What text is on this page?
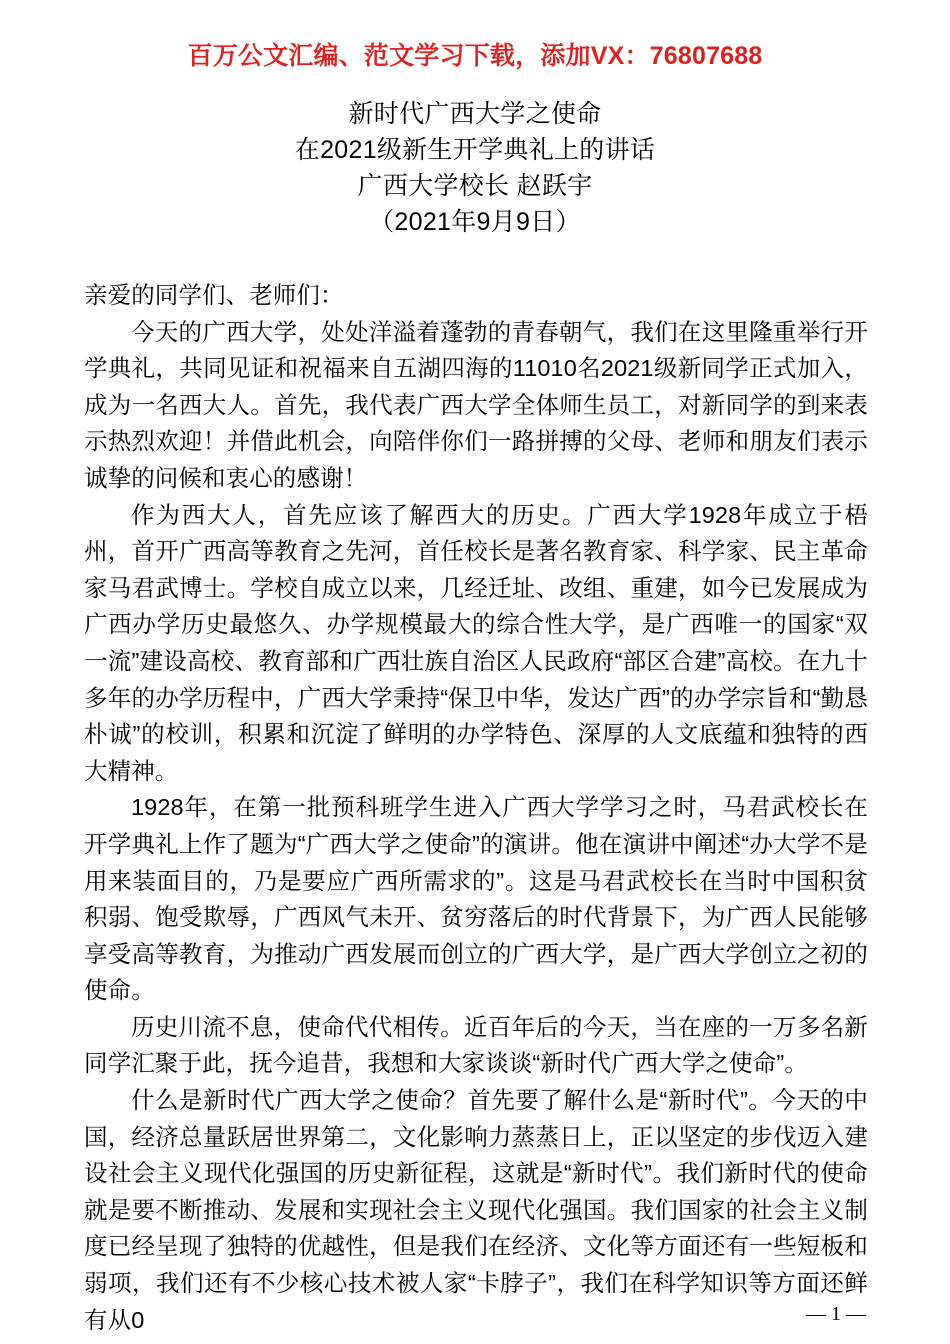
百万公文汇编、范文学习下载，添加VX：76807688
新时代广西大学之使命
在2021级新生开学典礼上的讲话
广西大学校长 赵跃宇
（2021年9月9日）

亲爱的同学们、老师们：

今天的广西大学，处处洋溢着蓬勃的青春朝气，我们在这里隆重举行开学典礼，共同见证和祝福来自五湖四海的11010名2021级新同学正式加入，成为一名西大人。首先，我代表广西大学全体师生员工，对新同学的到来表示热烈欢迎！并借此机会，向陪伴你们一路拼搏的父母、老师和朋友们表示诚挚的问候和衷心的感谢！

作为西大人，首先应该了解西大的历史。广西大学1928年成立于梧州，首开广西高等教育之先河，首任校长是著名教育家、科学家、民主革命家马君武博士。学校自成立以来，几经迁址、改组、重建，如今已发展成为广西办学历史最悠久、办学规模最大的综合性大学，是广西唯一的国家“双一流”建设高校、教育部和广西壮族自治区人民政府“部区合建”高校。在九十多年的办学历程中，广西大学秉持“保卫中华，发达广西”的办学宗旨和“勤恳朴诚”的校训，积累和沉淀了鲜明的办学特色、深厚的人文底蕴和独特的西大精神。

1928年，在第一批预科班学生进入广西大学学习之时，马君武校长在开学典礼上作了题为“广西大学之使命”的演讲。他在演讲中阐述“办大学不是用来装面目的，乃是要应广西所需求的”。这是马君武校长在当时中国积贫积弱、饱受欺辱，广西风气未开、贫穷落后的时代背景下，为广西人民能够享受高等教育，为推动广西发展而创立的广西大学，是广西大学创立之初的使命。

历史川流不息，使命代代相传。近百年后的今天，当在座的一万多名新同学汇聚于此，抚今追昔，我想和大家谈谈“新时代广西大学之使命”。

什么是新时代广西大学之使命？首先要了解什么是“新时代”。今天的中国，经济总量跃居世界第二，文化影响力蒸蒸日上，正以坚定的步伐迈入建设社会主义现代化强国的历史新征程，这就是“新时代”。我们新时代的使命就是要不断推动、发展和实现社会主义现代化强国。我们国家的社会主义制度已经呈现了独特的优越性，但是我们在经济、文化等方面还有一些短板和弱项，我们还有不少核心技术被人家“卡脖子”，我们在科学知识等方面还鲜有从0	— 1 —
